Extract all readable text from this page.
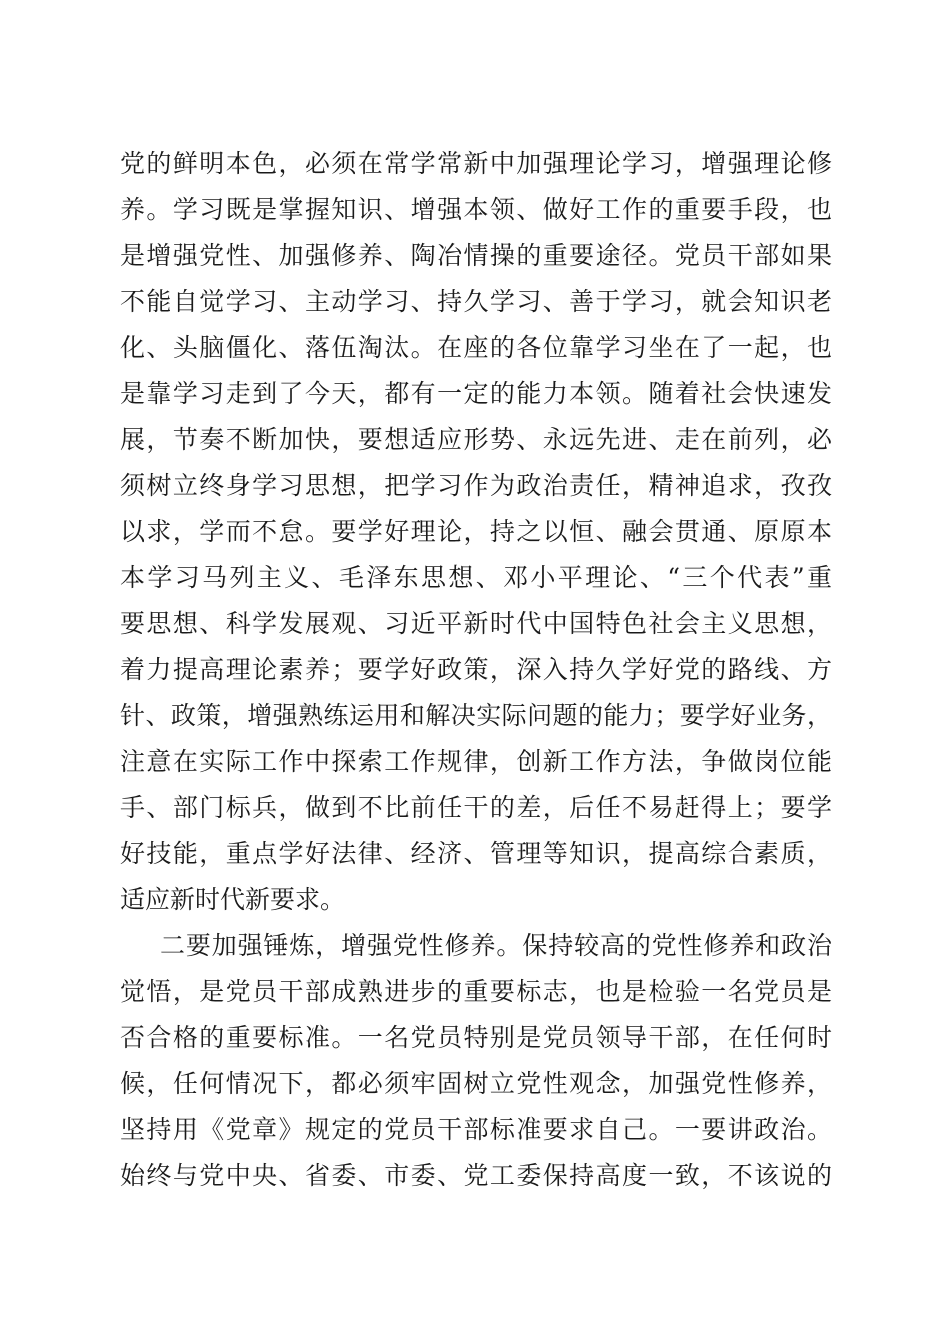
党的鲜明本色，必须在常学常新中加强理论学习，增强理论修
养。学习既是掌握知识、增强本领、做好工作的重要手段，也
是增强党性、加强修养、陶冶情操的重要途径。党员干部如果
不能自觉学习、主动学习、持久学习、善于学习，就会知识老
化、头脑僵化、落伍淘汰。在座的各位靠学习坐在了一起，也
是靠学习走到了今天，都有一定的能力本领。随着社会快速发
展，节奏不断加快，要想适应形势、永远先进、走在前列，必
须树立终身学习思想，把学习作为政治责任，精神追求，孜孜
以求，学而不怠。要学好理论，持之以恒、融会贯通、原原本
本学习马列主义、毛泽东思想、邓小平理论、“三个代表”重
要思想、科学发展观、习近平新时代中国特色社会主义思想，
着力提高理论素养；要学好政策，深入持久学好党的路线、方
针、政策，增强熟练运用和解决实际问题的能力；要学好业务，
注意在实际工作中探索工作规律，创新工作方法，争做岗位能
手、部门标兵，做到不比前任干的差，后任不易赶得上；要学
好技能，重点学好法律、经济、管理等知识，提高综合素质，
适应新时代新要求。
二要加强锤炼，增强党性修养。保持较高的党性修养和政治
觉悟，是党员干部成熟进步的重要标志，也是检验一名党员是
否合格的重要标准。一名党员特别是党员领导干部，在任何时
候，任何情况下，都必须牢固树立党性观念，加强党性修养，
坚持用《党章》规定的党员干部标准要求自己。一要讲政治。
始终与党中央、省委、市委、党工委保持高度一致，不该说的
